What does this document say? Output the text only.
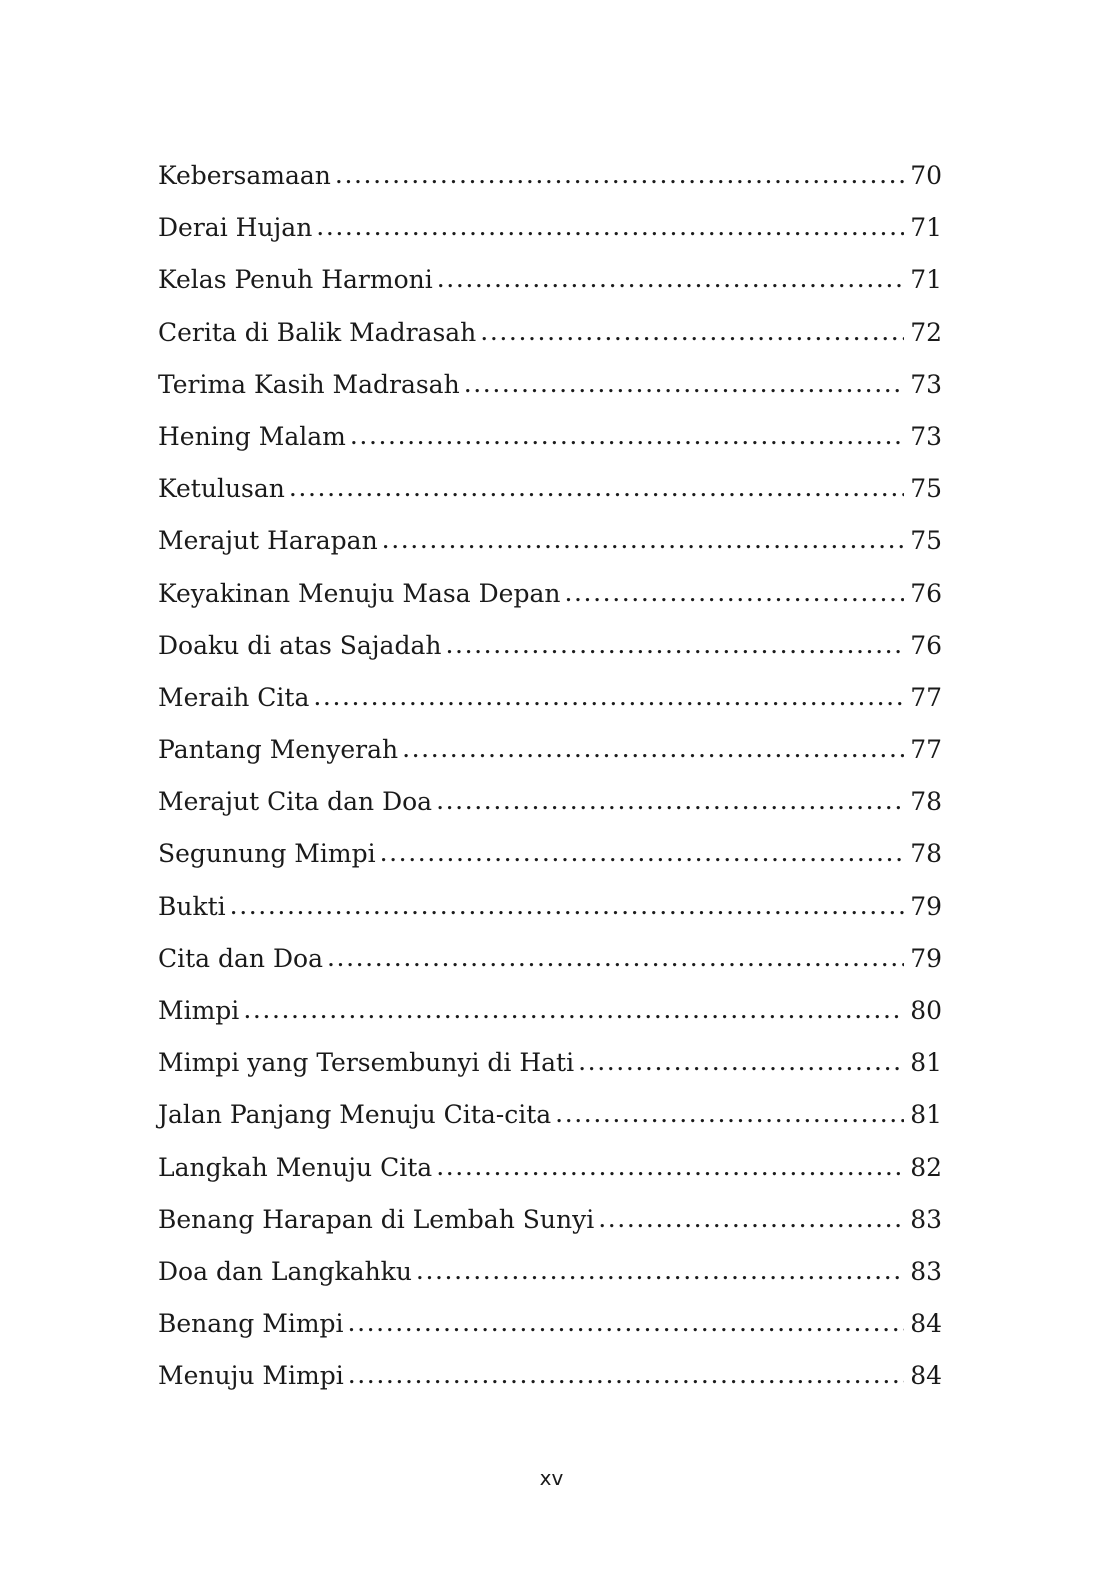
Kebersamaan .....	70
Derai Hujan .....	71
Kelas Penuh Harmoni .....	71
Cerita di Balik Madrasah .....	72
Terima Kasih Madrasah .....	73
Hening Malam .....	73
Ketulusan .....	75
Merajut Harapan .....	75
Keyakinan Menuju Masa Depan .....	76
Doaku di atas Sajadah .....	76
Meraih Cita .....	77
Pantang Menyerah .....	77
Merajut Cita dan Doa .....	78
Segunung Mimpi .....	78
Bukti .....	79
Cita dan Doa .....	79
Mimpi .....	80
Mimpi yang Tersembunyi di Hati .....	81
Jalan Panjang Menuju Cita-cita .....	81
Langkah Menuju Cita .....	82
Benang Harapan di Lembah Sunyi .....	83
Doa dan Langkahku .....	83
Benang Mimpi .....	84
Menuju Mimpi .....	84
xv
